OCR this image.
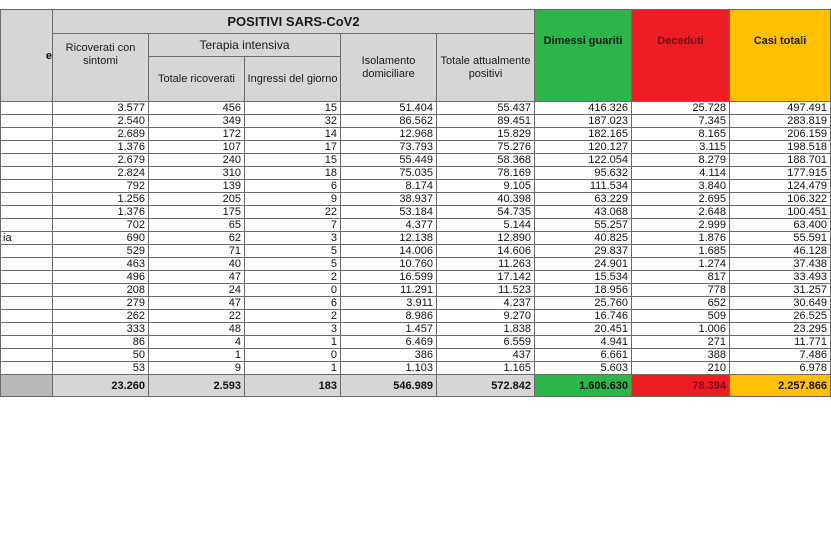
e	POSITIVI SARS-CoV2					Dimessi guariti	Deceduti	Casi totali
	Ricoverati con sintomi	Terapia intensiva		Isolamento domiciliare	Totale attualmente positivi			
		Totale ricoverati	Ingressi del giorno					
	3.577	456	15	51.404	55.437	416.326	25.728	497.491
	2.540	349	32	86.562	89.451	187.023	7.345	283.819
	2.689	172	14	12.968	15.829	182.165	8.165	206.159
	1.376	107	17	73.793	75.276	120.127	3.115	198.518
	2.679	240	15	55.449	58.368	122.054	8.279	188.701
	2.824	310	18	75.035	78.169	95.632	4.114	177.915
	792	139	6	8.174	9.105	111.534	3.840	124.479
	1.256	205	9	38.937	40.398	63.229	2.695	106.322
	1.376	175	22	53.184	54.735	43.068	2.648	100.451
	702	65	7	4.377	5.144	55.257	2.999	63.400
ia	690	62	3	12.138	12.890	40.825	1.876	55.591
	529	71	5	14.006	14.606	29.837	1.685	46.128
	463	40	5	10.760	11.263	24.901	1.274	37.438
	496	47	2	16.599	17.142	15.534	817	33.493
	208	24	0	11.291	11.523	18.956	778	31.257
	279	47	6	3.911	4.237	25.760	652	30.649
	262	22	2	8.986	9.270	16.746	509	26.525
	333	48	3	1.457	1.838	20.451	1.006	23.295
	86	4	1	6.469	6.559	4.941	271	11.771
	50	1	0	386	437	6.661	388	7.486
	53	9	1	1.103	1.165	5.603	210	6.978
	23.260	2.593	183	546.989	572.842	1.606.630	78.394	2.257.866
